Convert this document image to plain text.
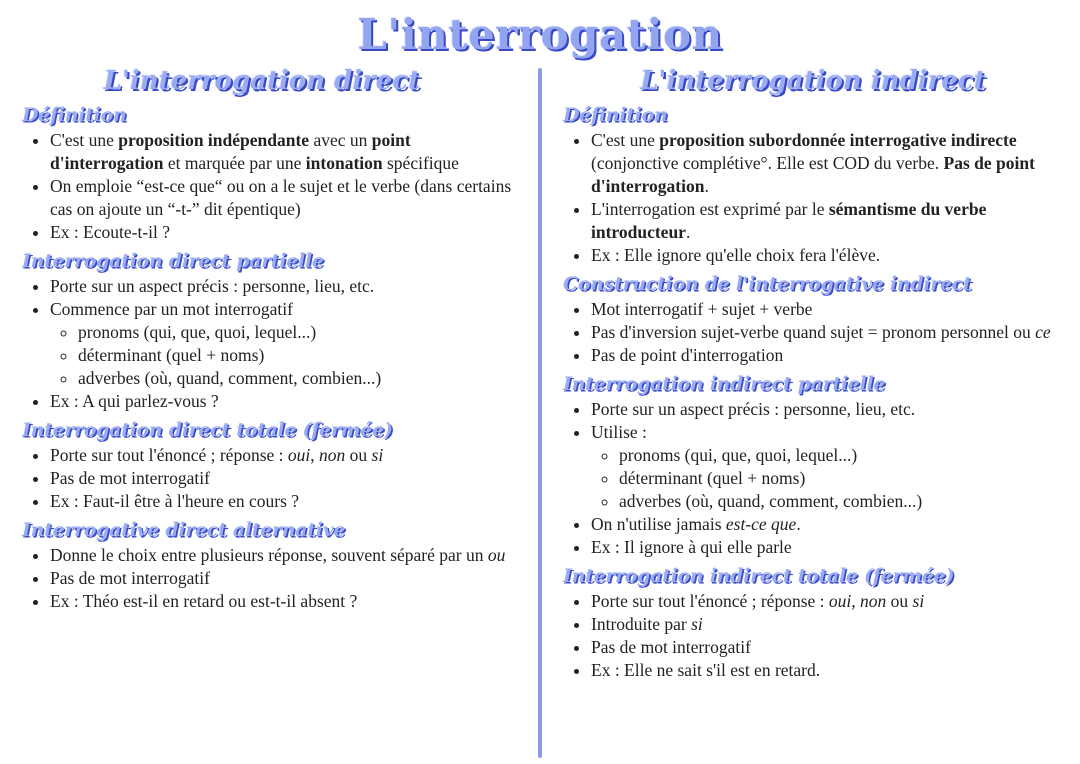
L'interrogation
L'interrogation direct
Définition
• C'est une proposition indépendante avec un point d'interrogation et marquée par une intonation spécifique
• On emploie “est-ce que“ ou on a le sujet et le verbe (dans certains cas on ajoute un “-t-” dit épentique)
• Ex : Ecoute-t-il ?
Interrogation direct partielle
• Porte sur un aspect précis : personne, lieu, etc.
• Commence par un mot interrogatif
◦ pronoms (qui, que, quoi, lequel...)
◦ déterminant (quel + noms)
◦ adverbes (où, quand, comment, combien...)
• Ex : A qui parlez-vous ?
Interrogation direct totale (fermée)
• Porte sur tout l'énoncé ; réponse : oui, non ou si
• Pas de mot interrogatif
• Ex : Faut-il être à l'heure en cours ?
Interrogative direct alternative
• Donne le choix entre plusieurs réponse, souvent séparé par un ou
• Pas de mot interrogatif
• Ex : Théo est-il en retard ou est-t-il absent ?
L'interrogation indirect
Définition
• C'est une proposition subordonnée interrogative indirecte (conjonctive complétive°. Elle est COD du verbe. Pas de point d'interrogation.
• L'interrogation est exprimé par le sémantisme du verbe introducteur.
• Ex : Elle ignore qu'elle choix fera l'élève.
Construction de l'interrogative indirect
• Mot interrogatif + sujet + verbe
• Pas d'inversion sujet-verbe quand sujet = pronom personnel ou ce
• Pas de point d'interrogation
Interrogation indirect partielle
• Porte sur un aspect précis : personne, lieu, etc.
• Utilise :
◦ pronoms (qui, que, quoi, lequel...)
◦ déterminant (quel + noms)
◦ adverbes (où, quand, comment, combien...)
• On n'utilise jamais est-ce que.
• Ex : Il ignore à qui elle parle
Interrogation indirect totale (fermée)
• Porte sur tout l'énoncé ; réponse : oui, non ou si
• Introduite par si
• Pas de mot interrogatif
• Ex : Elle ne sait s'il est en retard.
